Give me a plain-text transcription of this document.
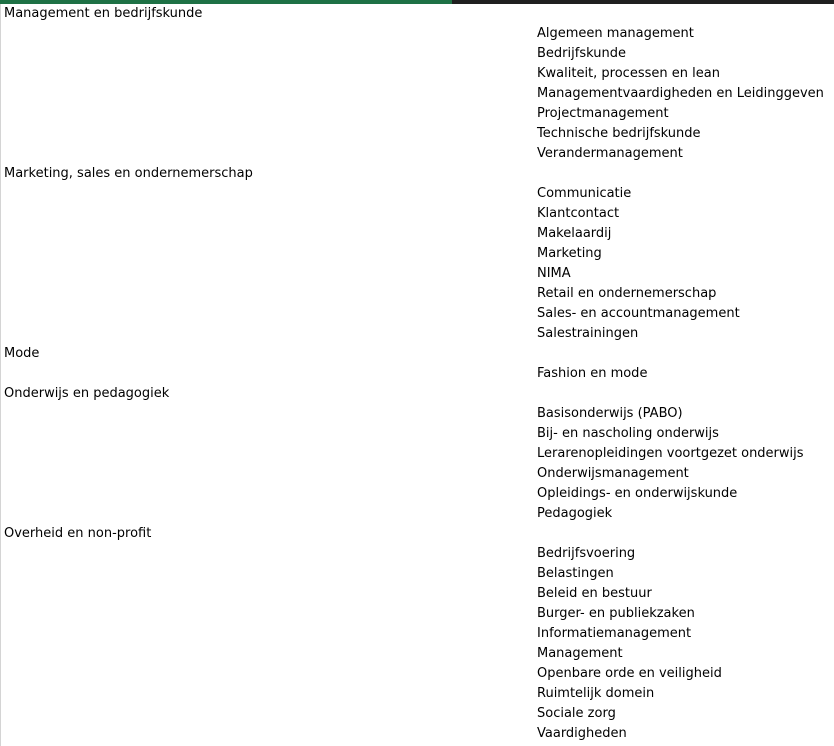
Management en bedrijfskunde
Algemeen management
Bedrijfskunde
Kwaliteit, processen en lean
Managementvaardigheden en Leidinggeven
Projectmanagement
Technische bedrijfskunde
Verandermanagement
Marketing, sales en ondernemerschap
Communicatie
Klantcontact
Makelaardij
Marketing
NIMA
Retail en ondernemerschap
Sales- en accountmanagement
Salestrainingen
Mode
Fashion en mode
Onderwijs en pedagogiek
Basisonderwijs (PABO)
Bij- en nascholing onderwijs
Lerarenopleidingen voortgezet onderwijs
Onderwijsmanagement
Opleidings- en onderwijskunde
Pedagogiek
Overheid en non-profit
Bedrijfsvoering
Belastingen
Beleid en bestuur
Burger- en publiekzaken
Informatiemanagement
Management
Openbare orde en veiligheid
Ruimtelijk domein
Sociale zorg
Vaardigheden
